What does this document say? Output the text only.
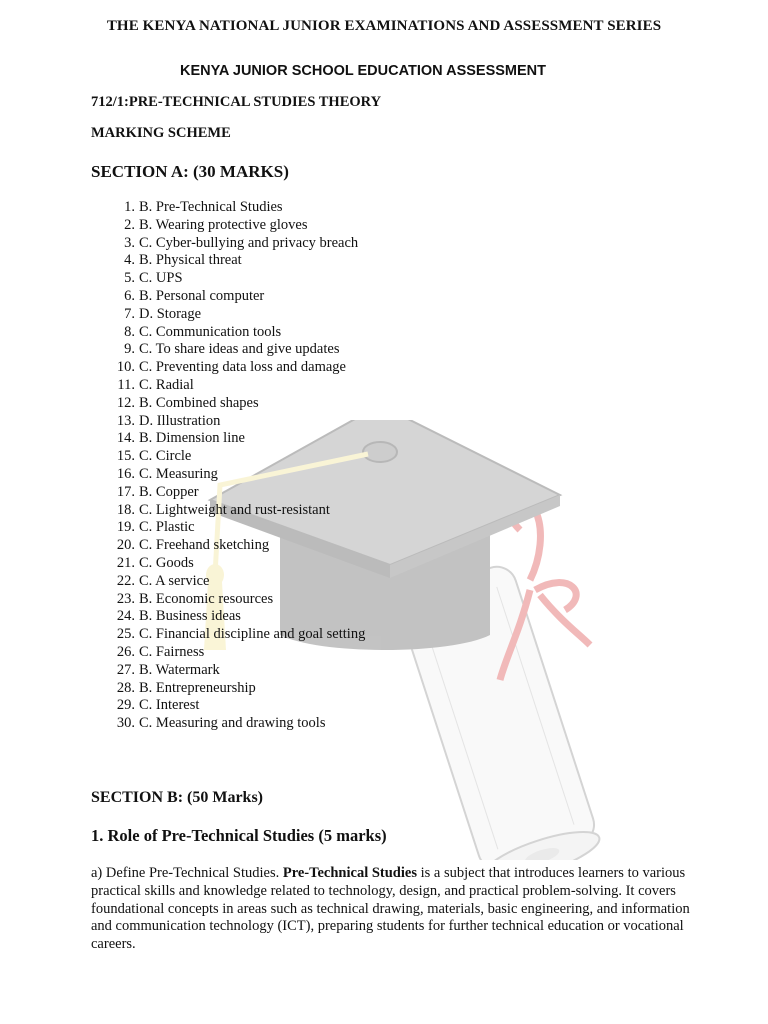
THE KENYA NATIONAL JUNIOR EXAMINATIONS AND ASSESSMENT SERIES
KENYA JUNIOR SCHOOL EDUCATION ASSESSMENT
712/1:PRE-TECHNICAL STUDIES THEORY
MARKING SCHEME
SECTION A: (30 MARKS)
1. B. Pre-Technical Studies
2. B. Wearing protective gloves
3. C. Cyber-bullying and privacy breach
4. B. Physical threat
5. C. UPS
6. B. Personal computer
7. D. Storage
8. C. Communication tools
9. C. To share ideas and give updates
10. C. Preventing data loss and damage
11. C. Radial
12. B. Combined shapes
13. D. Illustration
14. B. Dimension line
15. C. Circle
16. C. Measuring
17. B. Copper
18. C. Lightweight and rust-resistant
19. C. Plastic
20. C. Freehand sketching
21. C. Goods
22. C. A service
23. B. Economic resources
24. B. Business ideas
25. C. Financial discipline and goal setting
26. C. Fairness
27. B. Watermark
28. B. Entrepreneurship
29. C. Interest
30. C. Measuring and drawing tools
SECTION B: (50 Marks)
1. Role of Pre-Technical Studies (5 marks)
a) Define Pre-Technical Studies. Pre-Technical Studies is a subject that introduces learners to various practical skills and knowledge related to technology, design, and practical problem-solving. It covers foundational concepts in areas such as technical drawing, materials, basic engineering, and information and communication technology (ICT), preparing students for further technical education or vocational careers.
